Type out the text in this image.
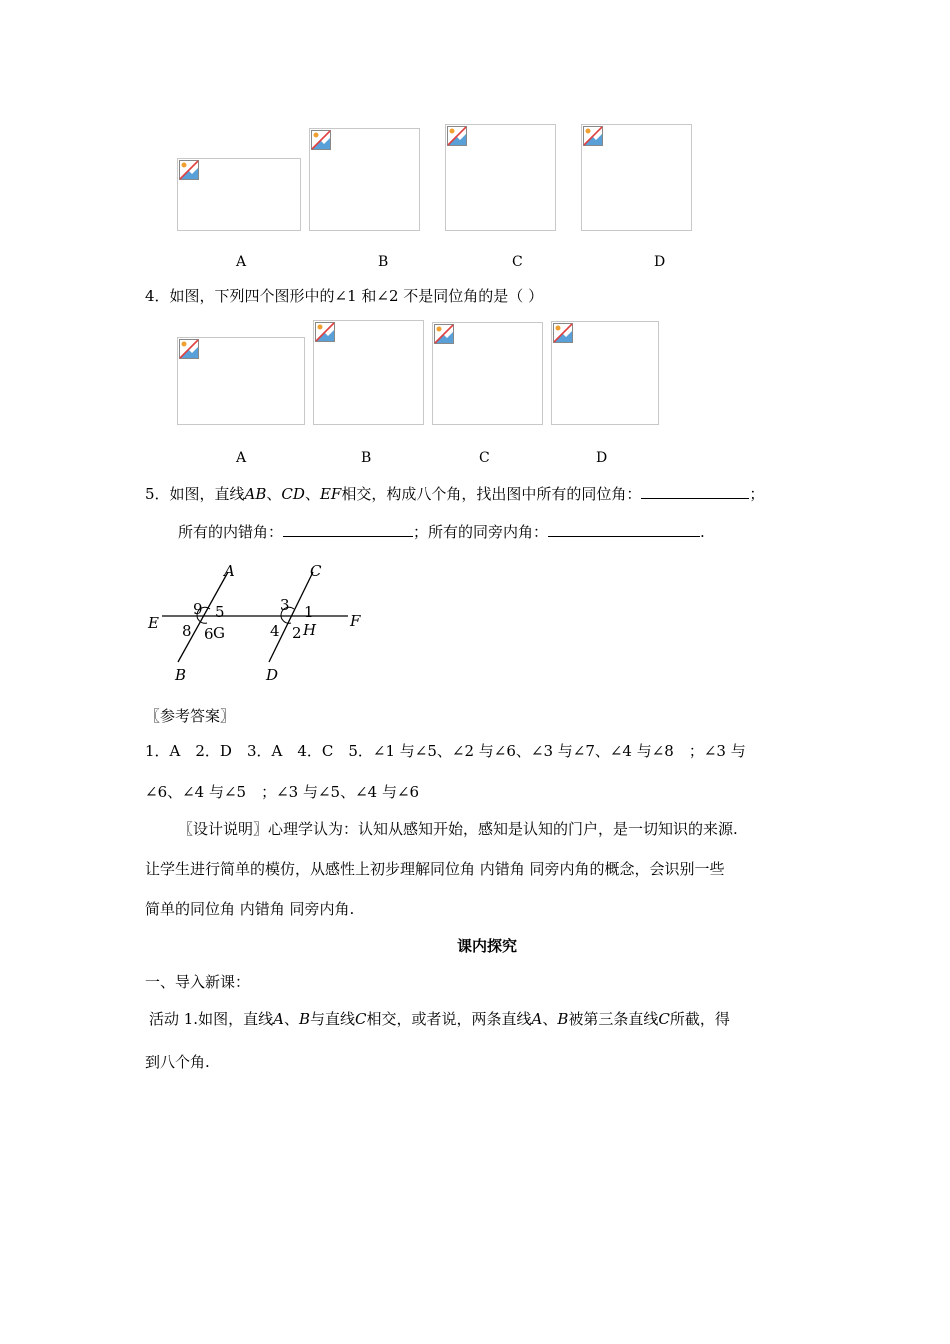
A	B	C	D
4．如图，下列四个图形中的∠1 和∠2 不是同位角的是（ ）
A	B	C	D
5．如图，直线AB、CD、EF相交，构成八个角，找出图中所有的同位角：	；
所有的内错角：	；所有的同旁内角：	.
A	C
E	F
B	D
G	H
9 5
8 6
3 1
4 2
〖参考答案〗
1．A　2．D　3．A　4．C　5．∠1 与∠5、∠2 与∠6、∠3 与∠7、∠4 与∠8　；∠3 与
∠6、∠4 与∠5　；∠3 与∠5、∠4 与∠6
〖设计说明〗心理学认为：认知从感知开始，感知是认知的门户，是一切知识的来源.
让学生进行简单的模仿，从感性上初步理解同位角 内错角 同旁内角的概念，会识别一些
简单的同位角 内错角 同旁内角.
课内探究
一、导入新课：
活动 1.如图，直线A、B与直线C相交，或者说，两条直线A、B被第三条直线C所截，得
到八个角.
